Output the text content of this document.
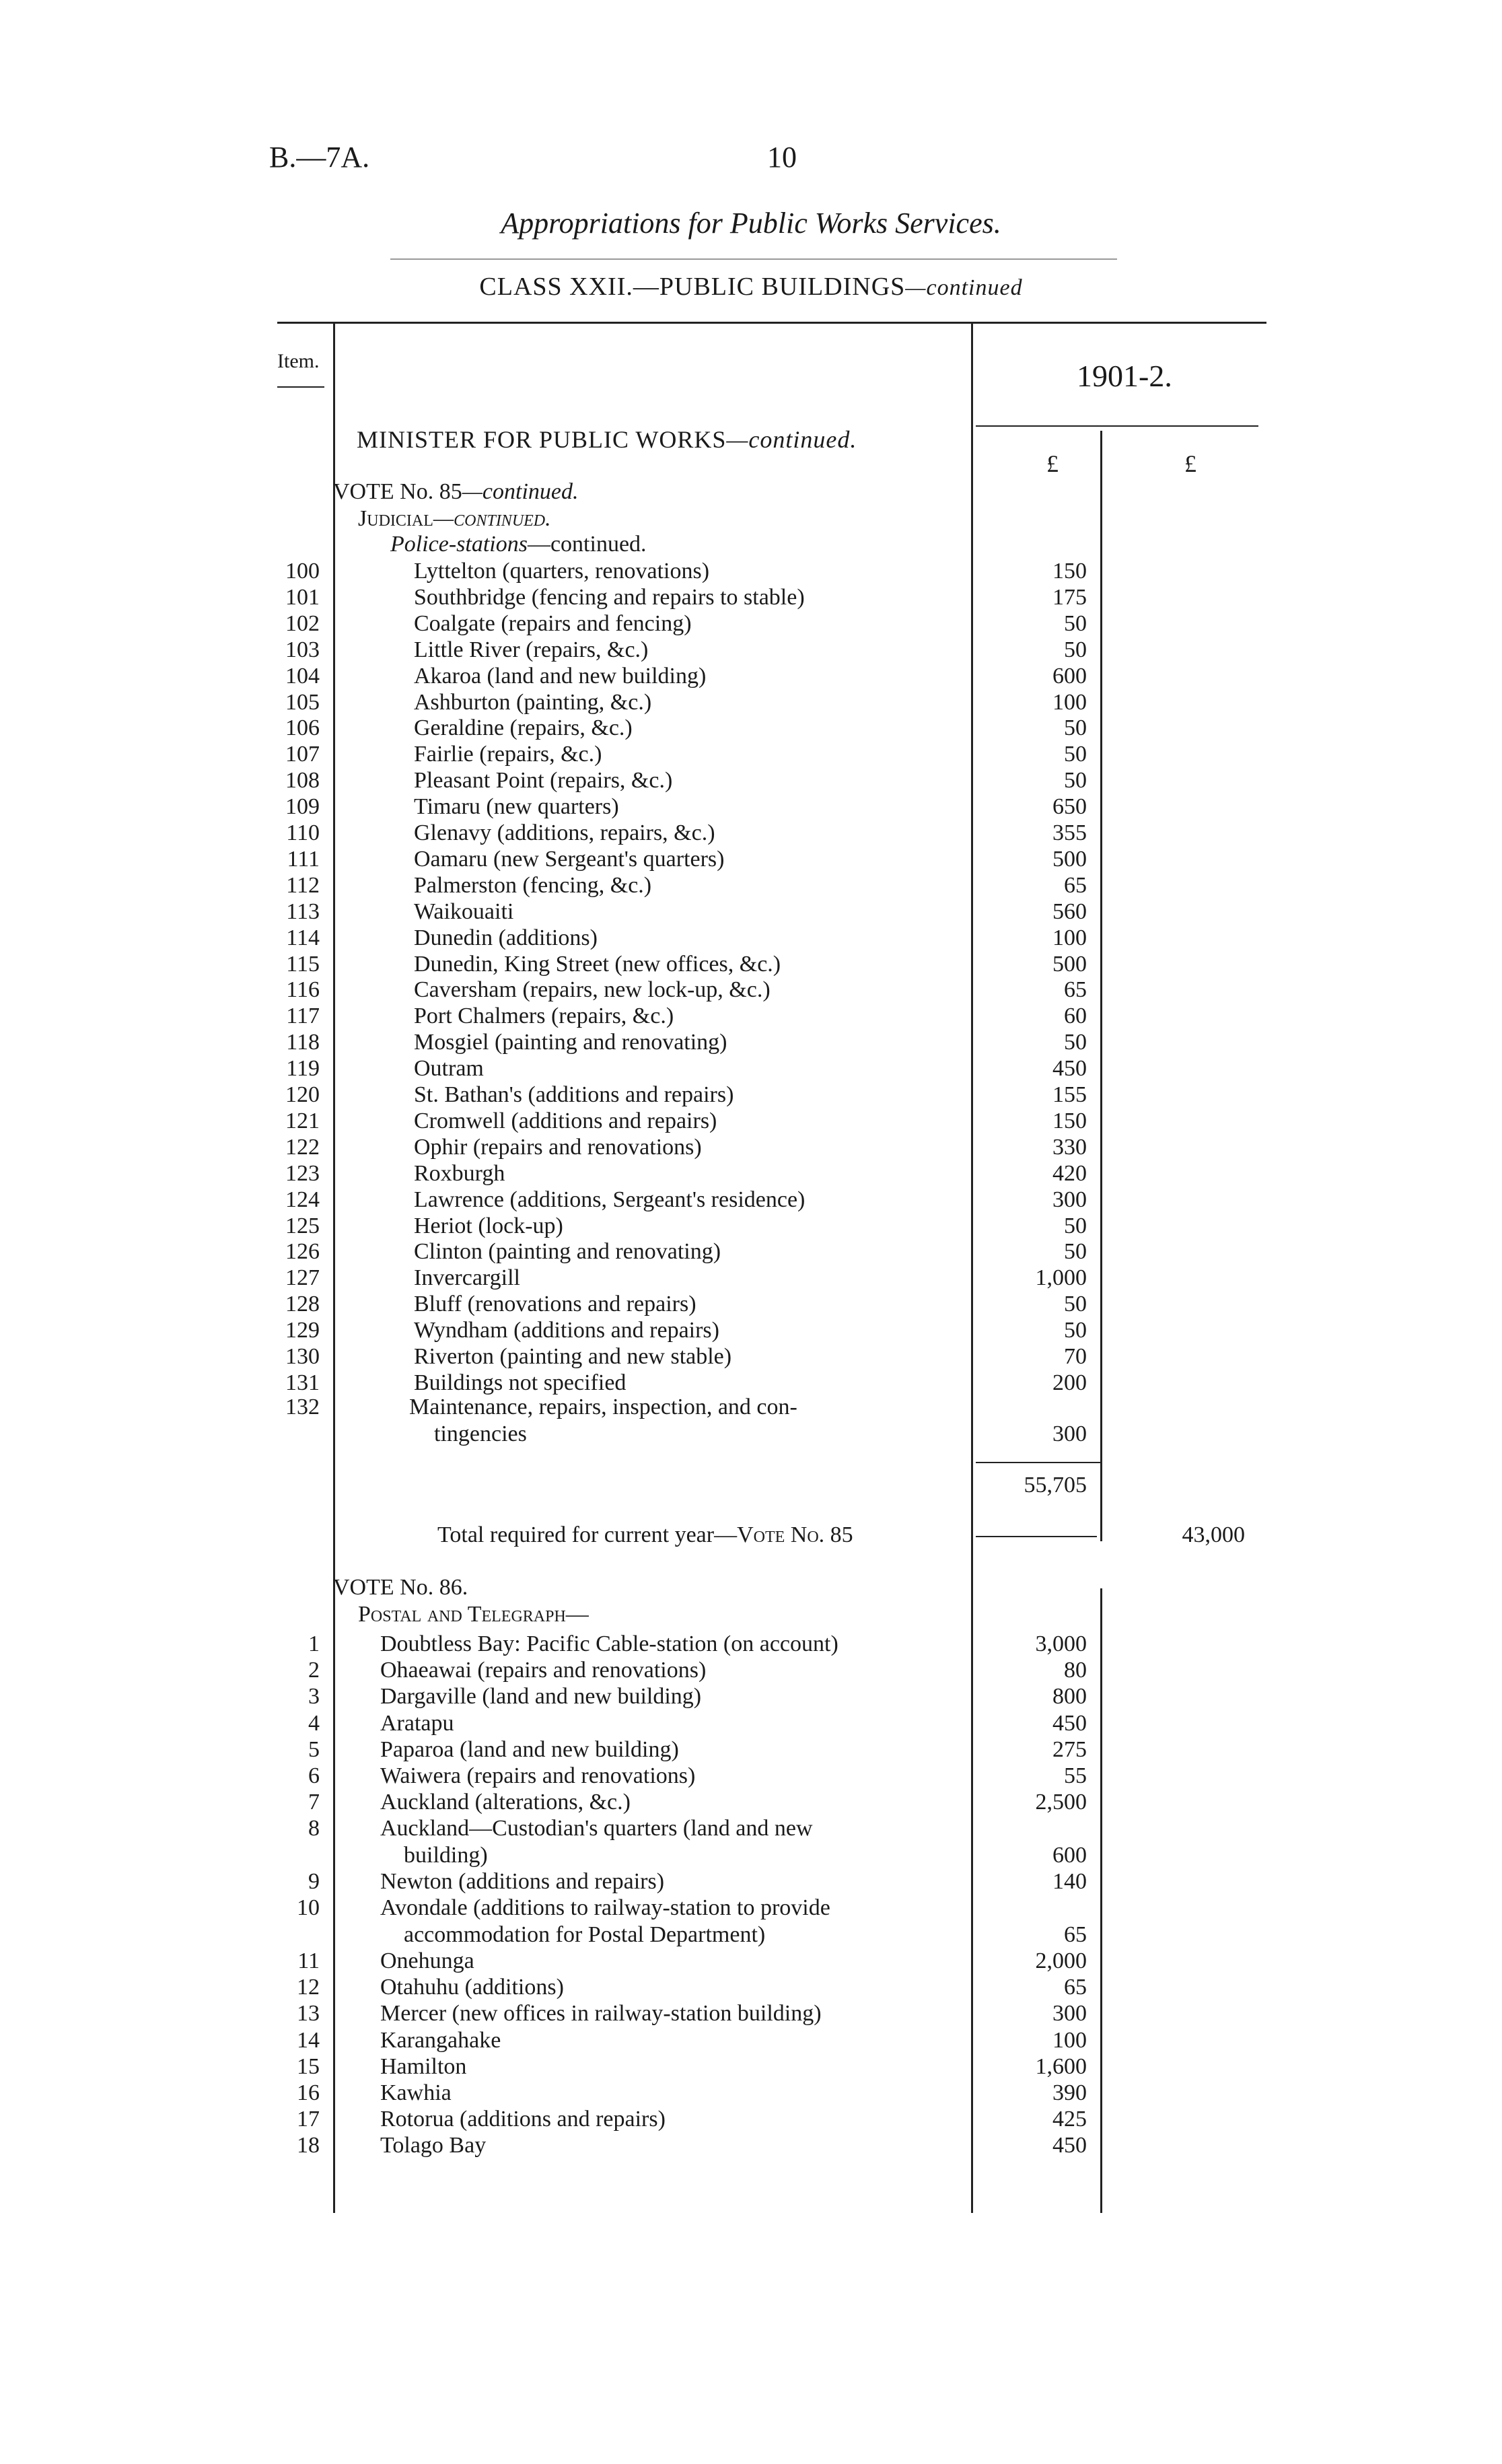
B.—7A.	10
Appropriations for Public Works Services.
CLASS XXII.—PUBLIC BUILDINGS—continued
Item.	1901-2.
£	£
MINISTER FOR PUBLIC WORKS—continued.
VOTE No. 85—continued.
Judicial—continued.
Police-stations—continued.
100	Lyttelton (quarters, renovations)	150
101	Southbridge (fencing and repairs to stable)	175
102	Coalgate (repairs and fencing)	50
103	Little River (repairs, &c.)	50
104	Akaroa (land and new building)	600
105	Ashburton (painting, &c.)	100
106	Geraldine (repairs, &c.)	50
107	Fairlie (repairs, &c.)	50
108	Pleasant Point (repairs, &c.)	50
109	Timaru (new quarters)	650
110	Glenavy (additions, repairs, &c.)	355
111	Oamaru (new Sergeant's quarters)	500
112	Palmerston (fencing, &c.)	65
113	Waikouaiti	560
114	Dunedin (additions)	100
115	Dunedin, King Street (new offices, &c.)	500
116	Caversham (repairs, new lock-up, &c.)	65
117	Port Chalmers (repairs, &c.)	60
118	Mosgiel (painting and renovating)	50
119	Outram	450
120	St. Bathan's (additions and repairs)	155
121	Cromwell (additions and repairs)	150
122	Ophir (repairs and renovations)	330
123	Roxburgh	420
124	Lawrence (additions, Sergeant's residence)	300
125	Heriot (lock-up)	50
126	Clinton (painting and renovating)	50
127	Invercargill	1,000
128	Bluff (renovations and repairs)	50
129	Wyndham (additions and repairs)	50
130	Riverton (painting and new stable)	70
131	Buildings not specified	200
132	Maintenance, repairs, inspection, and con-
tingencies	300
55,705
Total required for current year—Vote No. 85	43,000
VOTE No. 86.
Postal and Telegraph—
1	Doubtless Bay: Pacific Cable-station (on account)	3,000
2	Ohaeawai (repairs and renovations)	80
3	Dargaville (land and new building)	800
4	Aratapu	450
5	Paparoa (land and new building)	275
6	Waiwera (repairs and renovations)	55
7	Auckland (alterations, &c.)	2,500
8	Auckland—Custodian's quarters (land and new
building)	600
9	Newton (additions and repairs)	140
10	Avondale (additions to railway-station to provide
accommodation for Postal Department)	65
11	Onehunga	2,000
12	Otahuhu (additions)	65
13	Mercer (new offices in railway-station building)	300
14	Karangahake	100
15	Hamilton	1,600
16	Kawhia	390
17	Rotorua (additions and repairs)	425
18	Tolago Bay	450
